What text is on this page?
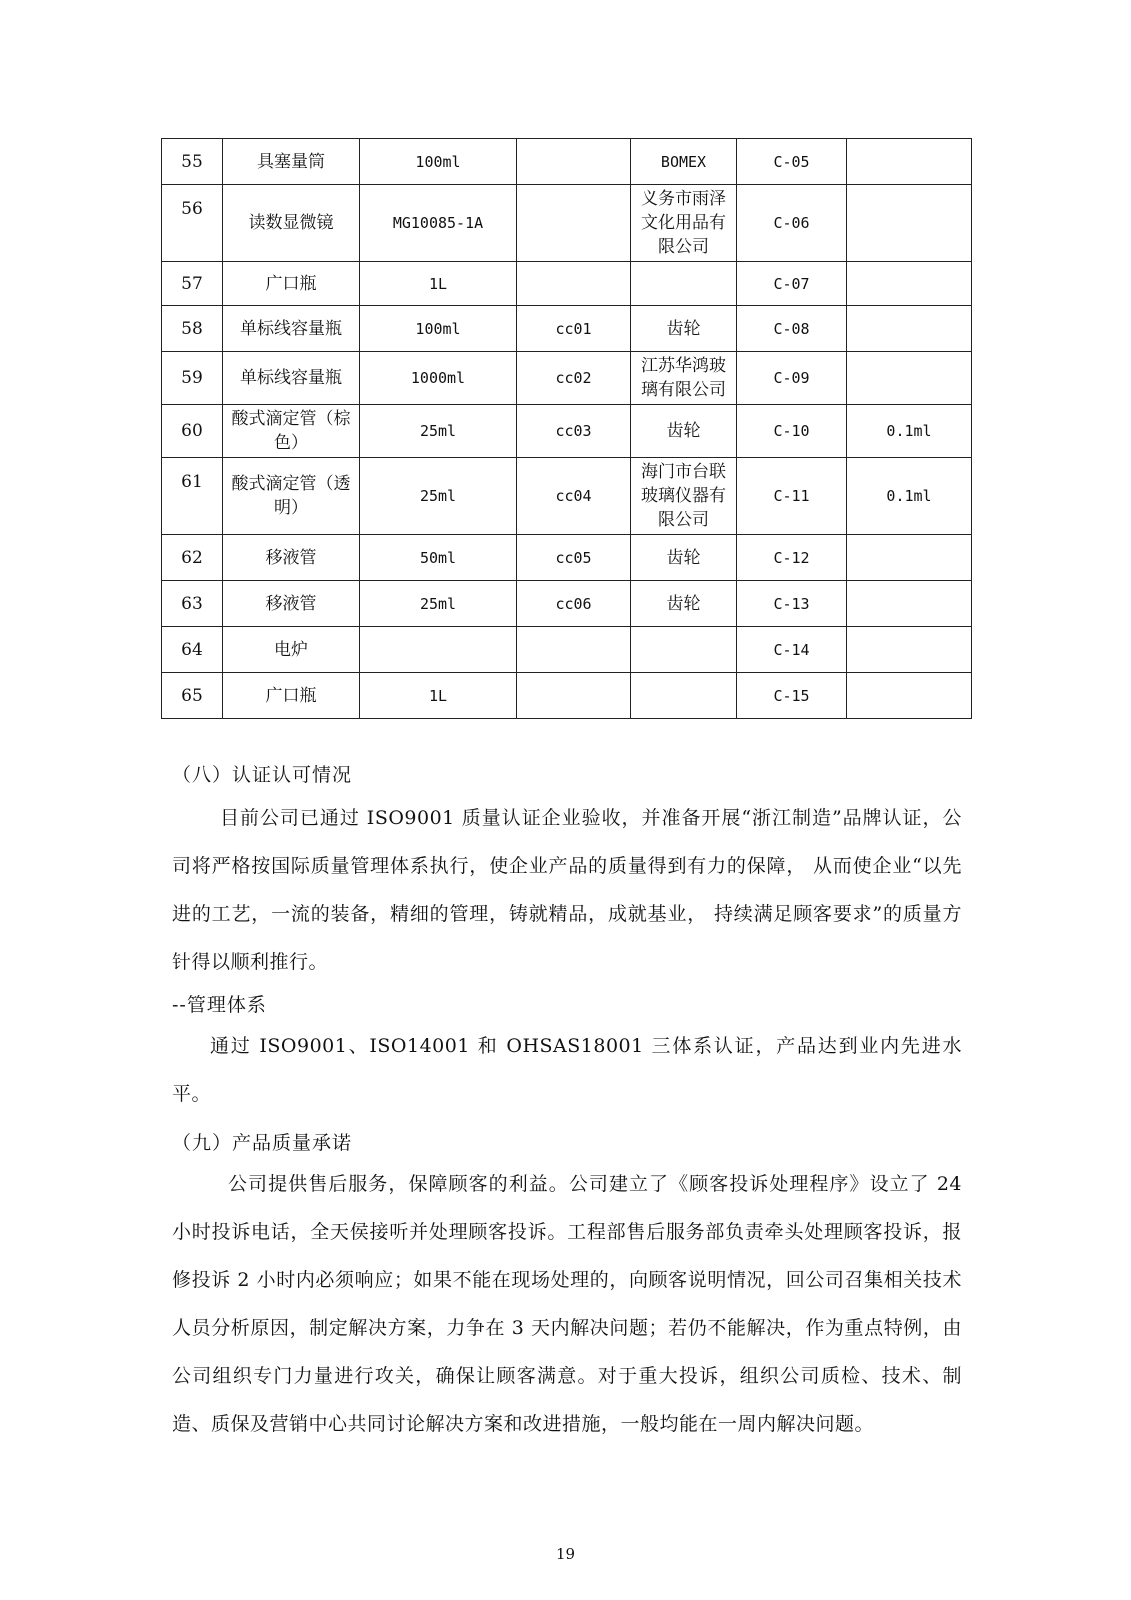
55	具塞量筒	100ml		BOMEX	C-05	
56	读数显微镜	MG10085-1A		义务市雨泽文化用品有限公司	C-06	
57	广口瓶	1L			C-07	
58	单标线容量瓶	100ml	cc01	齿轮	C-08	
59	单标线容量瓶	1000ml	cc02	江苏华鸿玻璃有限公司	C-09	
60	酸式滴定管（棕色）	25ml	cc03	齿轮	C-10	0.1ml
61	酸式滴定管（透明）	25ml	cc04	海门市台联玻璃仪器有限公司	C-11	0.1ml
62	移液管	50ml	cc05	齿轮	C-12	
63	移液管	25ml	cc06	齿轮	C-13	
64	电炉				C-14	
65	广口瓶	1L			C-15	
（八）认证认可情况

目前公司已通过 ISO9001 质量认证企业验收，并准备开展“浙江制造”品牌认证，公司将严格按国际质量管理体系执行，使企业产品的质量得到有力的保障， 从而使企业“以先进的工艺，一流的装备，精细的管理，铸就精品，成就基业， 持续满足顾客要求”的质量方针得以顺利推行。

--管理体系

通过 ISO9001、ISO14001 和 OHSAS18001 三体系认证，产品达到业内先进水平。

（九）产品质量承诺

公司提供售后服务，保障顾客的利益。公司建立了《顾客投诉处理程序》设立了 24 小时投诉电话，全天侯接听并处理顾客投诉。工程部售后服务部负责牵头处理顾客投诉，报修投诉 2 小时内必须响应；如果不能在现场处理的，向顾客说明情况，回公司召集相关技术人员分析原因，制定解决方案，力争在 3 天内解决问题；若仍不能解决，作为重点特例，由公司组织专门力量进行攻关，确保让顾客满意。对于重大投诉，组织公司质检、技术、制造、质保及营销中心共同讨论解决方案和改进措施，一般均能在一周内解决问题。

19
